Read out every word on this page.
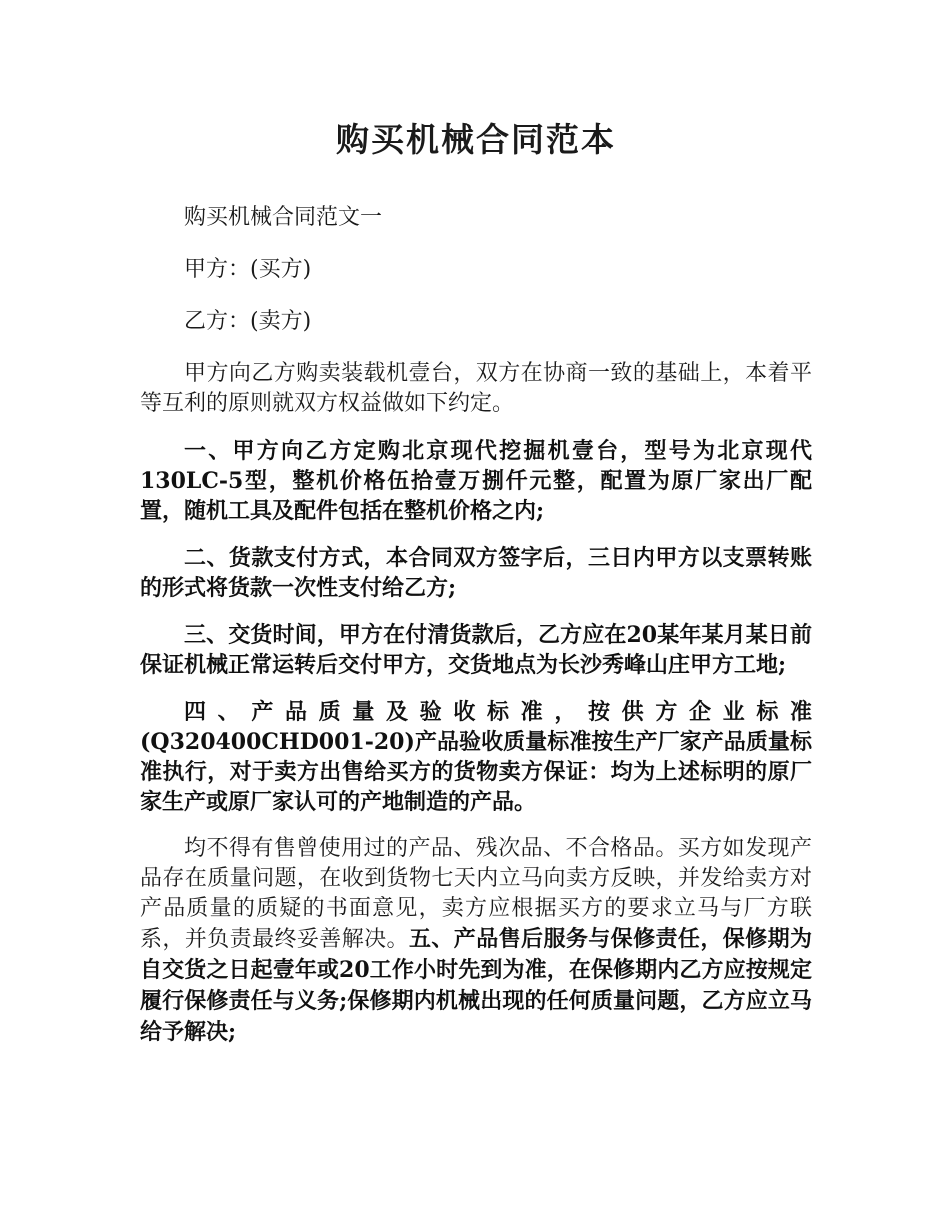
购买机械合同范本

购买机械合同范文一

甲方：(买方)

乙方：(卖方)

甲方向乙方购卖装载机壹台，双方在协商一致的基础上，本着平等互利的原则就双方权益做如下约定。

一、甲方向乙方定购北京现代挖掘机壹台，型号为北京现代130LC-5型，整机价格伍拾壹万捌仟元整，配置为原厂家出厂配置，随机工具及配件包括在整机价格之内;

二、货款支付方式，本合同双方签字后，三日内甲方以支票转账的形式将货款一次性支付给乙方;

三、交货时间，甲方在付清货款后，乙方应在20某年某月某日前保证机械正常运转后交付甲方，交货地点为长沙秀峰山庄甲方工地;

四、产品质量及验收标准，按供方企业标准(Q320400CHD001-20)产品验收质量标准按生产厂家产品质量标准执行，对于卖方出售给买方的货物卖方保证：均为上述标明的原厂家生产或原厂家认可的产地制造的产品。

均不得有售曾使用过的产品、残次品、不合格品。买方如发现产品存在质量问题，在收到货物七天内立马向卖方反映，并发给卖方对产品质量的质疑的书面意见，卖方应根据买方的要求立马与厂方联系，并负责最终妥善解决。五、产品售后服务与保修责任，保修期为自交货之日起壹年或20工作小时先到为准，在保修期内乙方应按规定履行保修责任与义务;保修期内机械出现的任何质量问题，乙方应立马给予解决;
